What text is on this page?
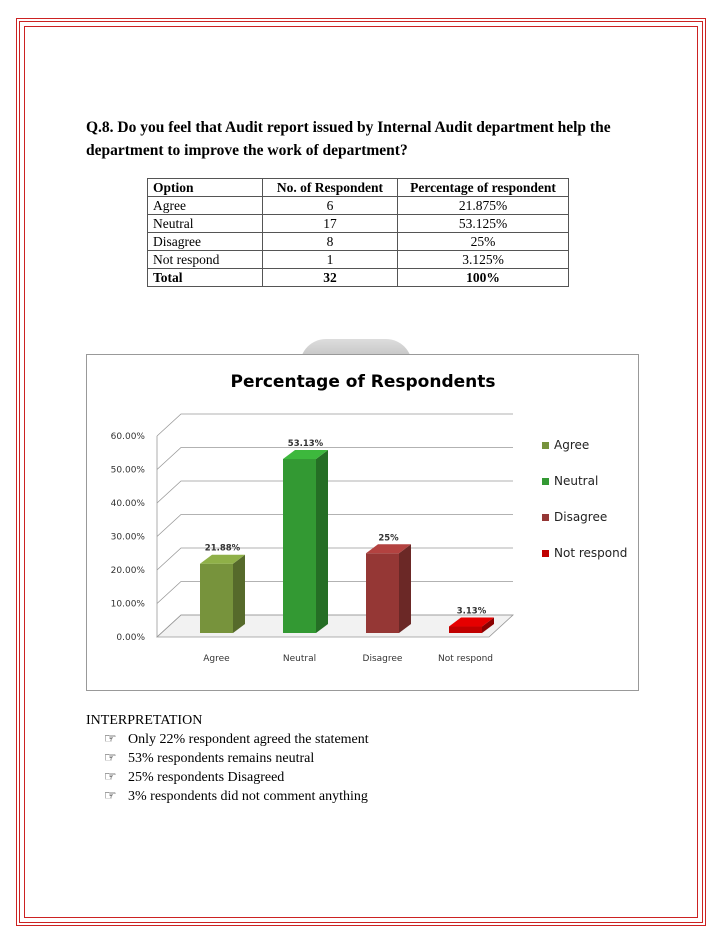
Q.8. Do you feel that Audit report issued by Internal Audit department help the department to improve the work of department?
Option	No. of Respondent	Percentage of respondent
Agree	6	21.875%
Neutral	17	53.125%
Disagree	8	25%
Not respond	1	3.125%
Total	32	100%
Percentage of Respondents
0.00%
10.00%
20.00%
30.00%
40.00%
50.00%
60.00%
21.88%
Agree
53.13%
Neutral
25%
Disagree
3.13%
Not respond
Agree
Neutral
Disagree
Not respond
INTERPRETATION
☞ Only 22% respondent agreed the statement
☞ 53% respondents remains neutral
☞ 25% respondents Disagreed
☞ 3% respondents did not comment anything
